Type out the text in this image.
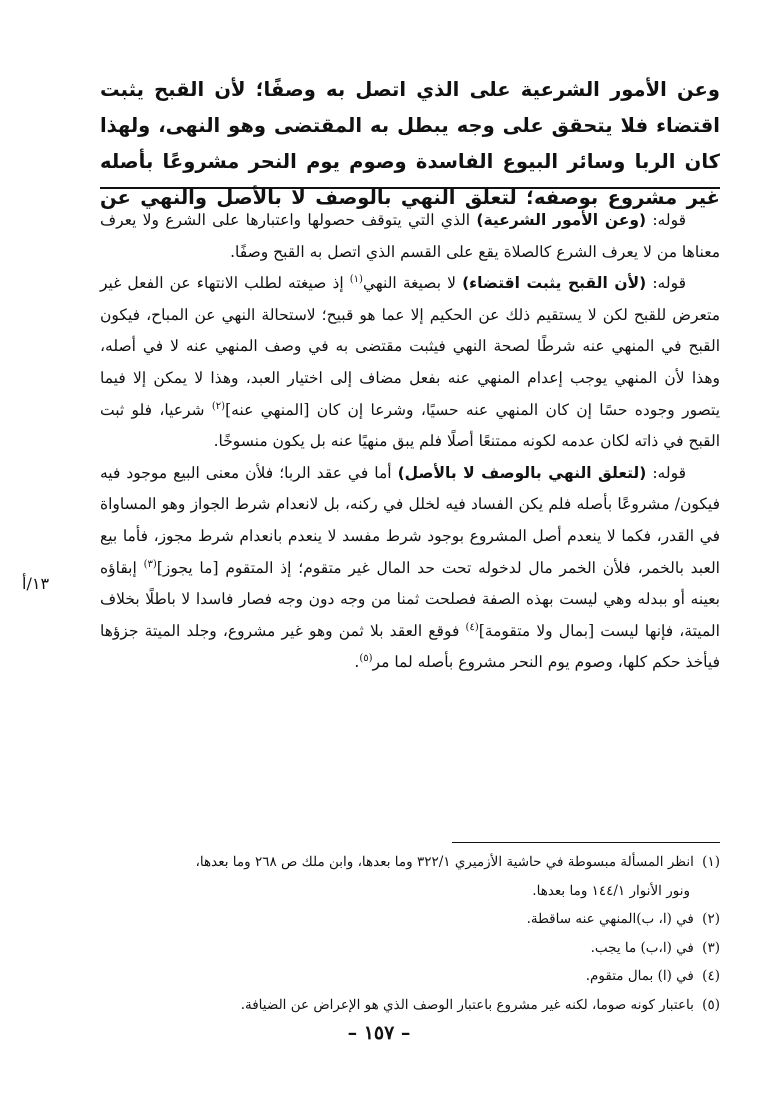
وعن الأمور الشرعية على الذي اتصل به وصفًا؛ لأن القبح يثبت اقتضاء فلا يتحقق على وجه يبطل به المقتضى وهو النهى، ولهذا كان الربا وسائر البيوع الفاسدة وصوم يوم النحر مشروعًا بأصله غير مشروع بوصفه؛ لتعلق النهي بالوصف لا بالأصل والنهي عن

قوله: (وعن الأمور الشرعية) الذي التي يتوقف حصولها واعتبارها على الشرع ولا يعرف معناها من لا يعرف الشرع كالصلاة يقع على القسم الذي اتصل به القبح وصفًا.

قوله: (لأن القبح يثبت اقتضاء) لا بصيغة النهي$^{(١)}$ إذ صيغته لطلب الانتهاء عن الفعل غير متعرض للقبح لكن لا يستقيم ذلك عن الحكيم إلا عما هو قبيح؛ لاستحالة النهي عن المباح، فيكون القبح في المنهي عنه شرطًا لصحة النهي فيثبت مقتضى به في وصف المنهي عنه لا في أصله، وهذا لأن المنهي يوجب إعدام المنهي عنه بفعل مضاف إلى اختيار العبد، وهذا لا يمكن إلا فيما يتصور وجوده حسًا إن كان المنهي عنه حسيًا، وشرعا إن كان [المنهي عنه]$^{(٢)}$ شرعيا، فلو ثبت القبح في ذاته لكان عدمه لكونه ممتنعًا أصلًا فلم يبق منهيًا عنه بل يكون منسوخًا.

قوله: (لتعلق النهي بالوصف لا بالأصل) أما في عقد الربا؛ فلأن معنى البيع موجود فيه فيكون/ مشروعًا بأصله فلم يكن الفساد فيه لخلل في ركنه، بل لانعدام شرط الجواز وهو المساواة في القدر، فكما لا ينعدم أصل المشروع بوجود شرط مفسد لا ينعدم بانعدام شرط مجوز، فأما بيع العبد بالخمر، فلأن الخمر مال لدخوله تحت حد المال غير متقوم؛ إذ المتقوم [ما يجوز]$^{(٣)}$ إبقاؤه بعينه أو ببدله وهي ليست بهذه الصفة فصلحت ثمنا من وجه دون وجه فصار فاسدا لا باطلًا بخلاف الميتة، فإنها ليست [بمال ولا متقومة]$^{(٤)}$ فوقع العقد بلا ثمن وهو غير مشروع، وجلد الميتة جزؤها فيأخذ حكم كلها، وصوم يوم النحر مشروع بأصله لما مر$^{(٥)}$.

١٣/أ
(١) انظر المسألة مبسوطة في حاشية الأزميري ٣٢٢/١ وما بعدها، وابن ملك ص ٢٦٨ وما بعدها،
ونور الأنوار ١٤٤/١ وما بعدها.
(٢) في (ا، ب)المنهي عنه ساقطة.
(٣) في (ا،ب) ما يجب.
(٤) في (ا) بمال متقوم.
(٥) باعتبار كونه صوما، لكنه غير مشروع باعتبار الوصف الذي هو الإعراض عن الضيافة.
– ١٥٧ –
